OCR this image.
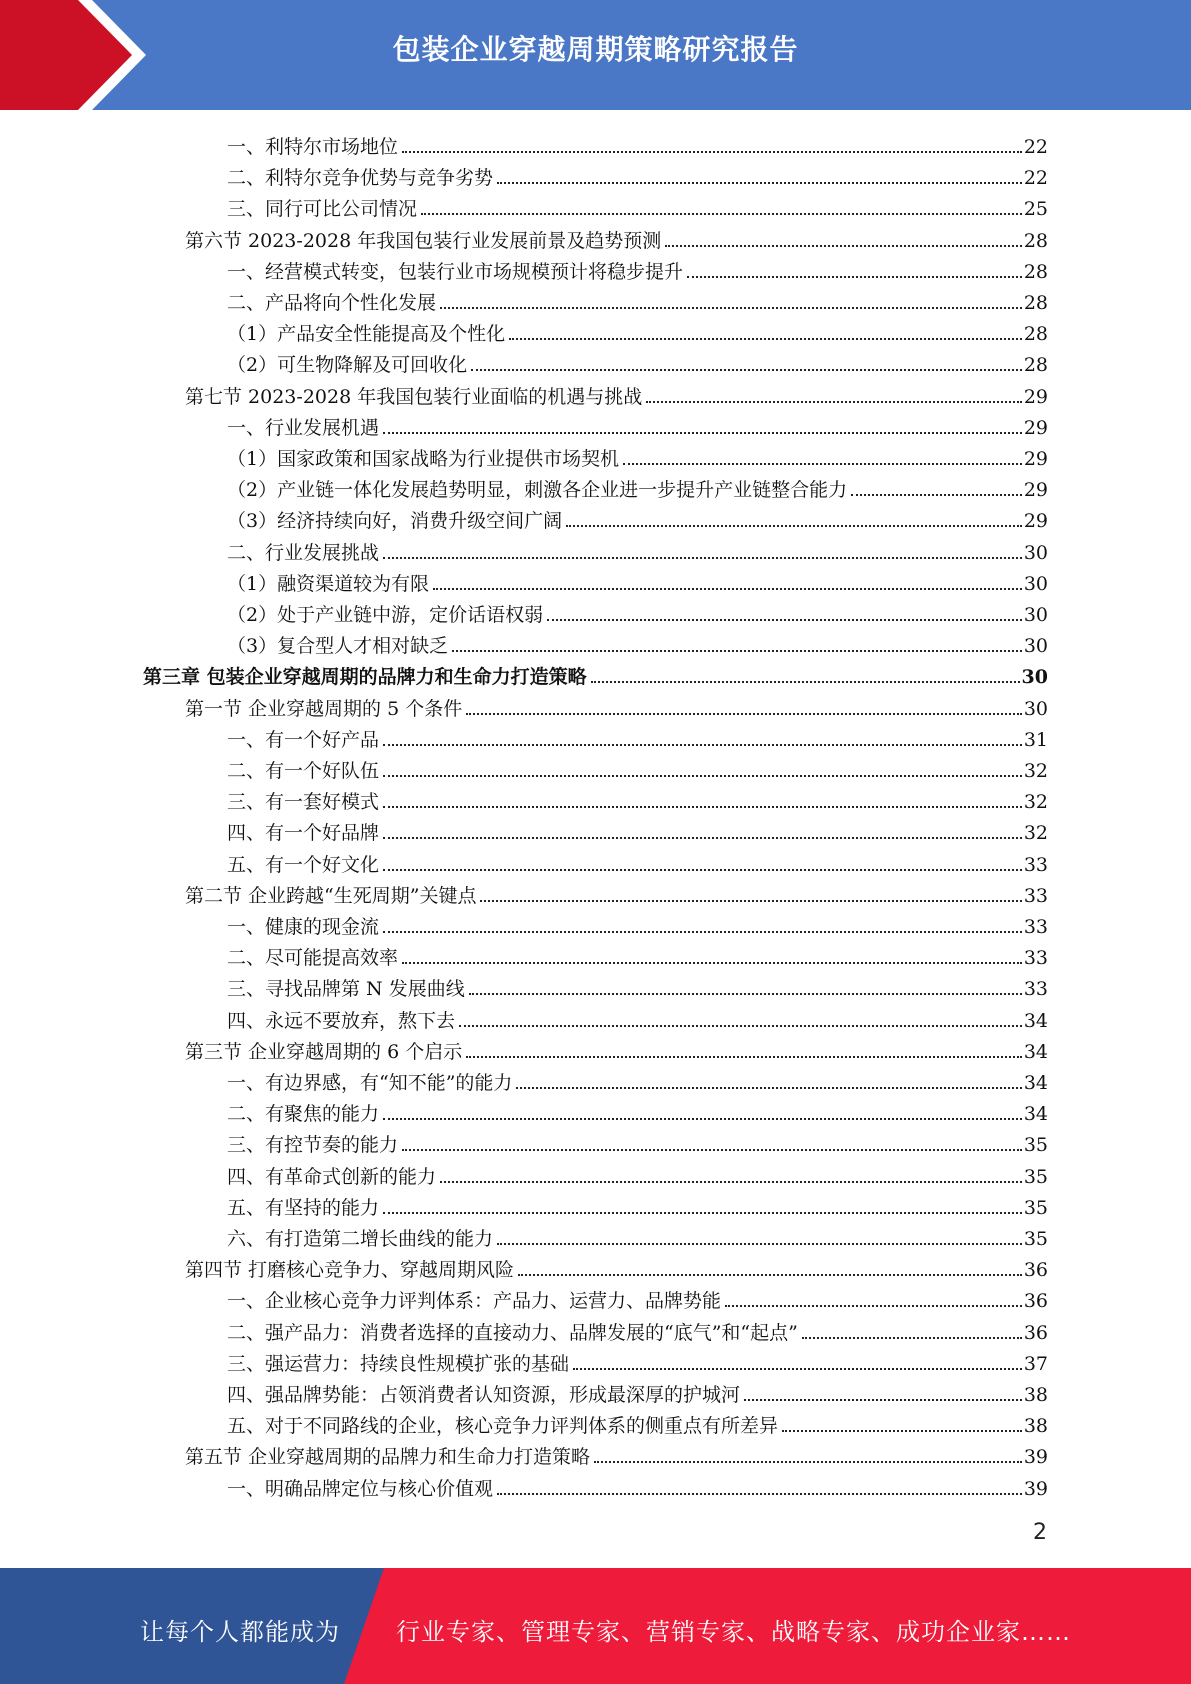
包装企业穿越周期策略研究报告
一、利特尔市场地位	22
二、利特尔竞争优势与竞争劣势	22
三、同行可比公司情况	25
第六节 2023-2028 年我国包装行业发展前景及趋势预测	28
一、经营模式转变，包装行业市场规模预计将稳步提升	28
二、产品将向个性化发展	28
（1）产品安全性能提高及个性化	28
（2）可生物降解及可回收化	28
第七节 2023-2028 年我国包装行业面临的机遇与挑战	29
一、行业发展机遇	29
（1）国家政策和国家战略为行业提供市场契机	29
（2）产业链一体化发展趋势明显，刺激各企业进一步提升产业链整合能力	29
（3）经济持续向好，消费升级空间广阔	29
二、行业发展挑战	30
（1）融资渠道较为有限	30
（2）处于产业链中游，定价话语权弱	30
（3）复合型人才相对缺乏	30
第三章 包装企业穿越周期的品牌力和生命力打造策略	30
第一节 企业穿越周期的 5 个条件	30
一、有一个好产品	31
二、有一个好队伍	32
三、有一套好模式	32
四、有一个好品牌	32
五、有一个好文化	33
第二节 企业跨越“生死周期”关键点	33
一、健康的现金流	33
二、尽可能提高效率	33
三、寻找品牌第 N 发展曲线	33
四、永远不要放弃，熬下去	34
第三节 企业穿越周期的 6 个启示	34
一、有边界感，有“知不能”的能力	34
二、有聚焦的能力	34
三、有控节奏的能力	35
四、有革命式创新的能力	35
五、有坚持的能力	35
六、有打造第二增长曲线的能力	35
第四节 打磨核心竞争力、穿越周期风险	36
一、企业核心竞争力评判体系：产品力、运营力、品牌势能	36
二、强产品力：消费者选择的直接动力、品牌发展的“底气”和“起点”	36
三、强运营力：持续良性规模扩张的基础	37
四、强品牌势能：占领消费者认知资源，形成最深厚的护城河	38
五、对于不同路线的企业，核心竞争力评判体系的侧重点有所差异	38
第五节 企业穿越周期的品牌力和生命力打造策略	39
一、明确品牌定位与核心价值观	39
2
让每个人都能成为 行业专家、管理专家、营销专家、战略专家、成功企业家……
